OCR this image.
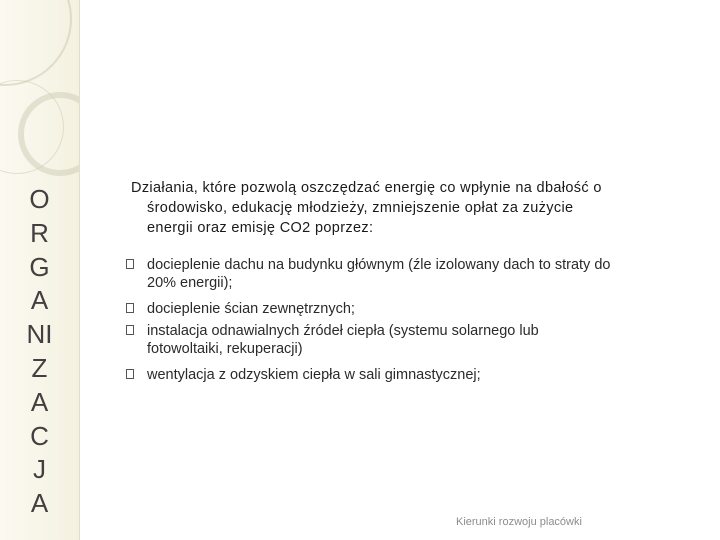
O
R
G
A
NI
Z
A
C
J
A
Działania, które pozwolą oszczędzać energię co wpłynie na dbałość o
środowisko, edukację młodzieży, zmniejszenie opłat za zużycie
energii oraz emisję CO2 poprzez:
docieplenie dachu na budynku głównym (źle izolowany dach to straty do
20% energii);
docieplenie ścian zewnętrznych;
instalacja odnawialnych źródeł ciepła (systemu solarnego lub
fotowoltaiki, rekuperacji)
wentylacja z odzyskiem ciepła w sali gimnastycznej;
Kierunki rozwoju placówki
